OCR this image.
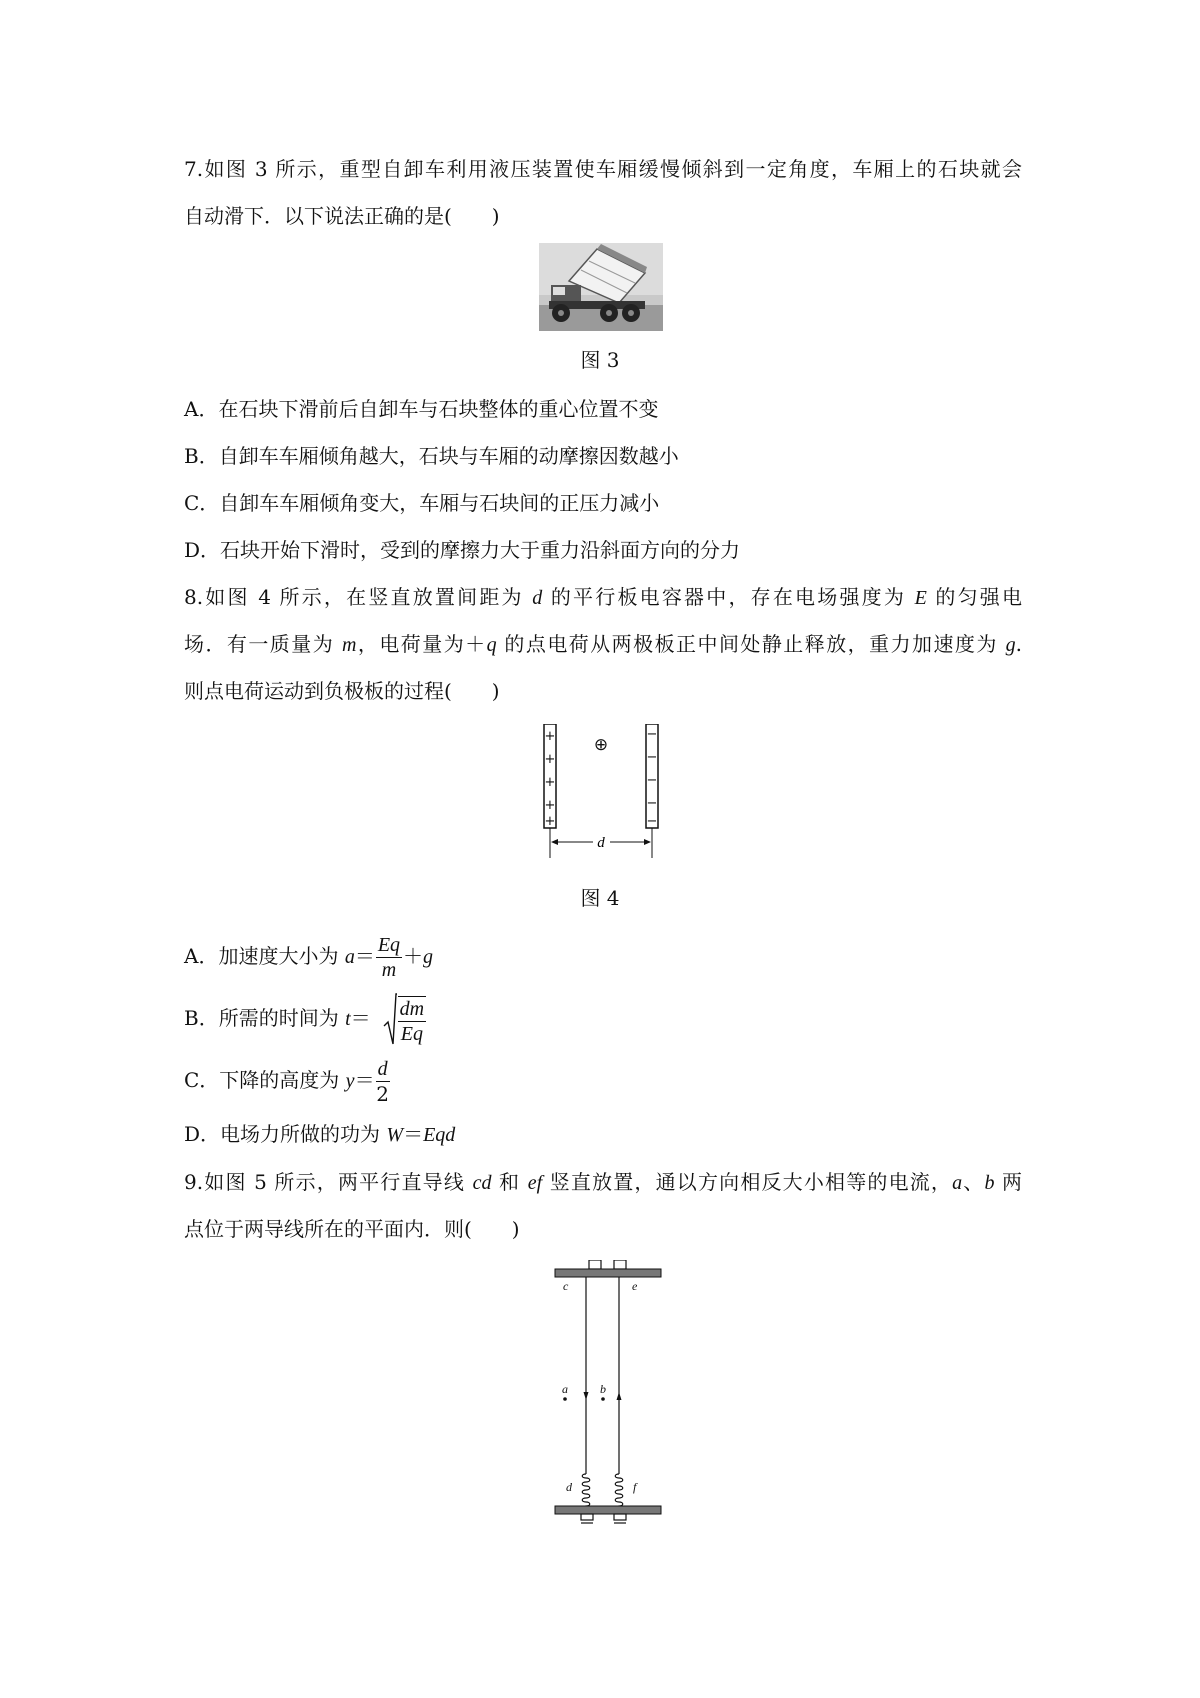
7.如图 3 所示，重型自卸车利用液压装置使车厢缓慢倾斜到一定角度，车厢上的石块就会
自动滑下．以下说法正确的是(　　)
图 3
A．在石块下滑前后自卸车与石块整体的重心位置不变
B．自卸车车厢倾角越大，石块与车厢的动摩擦因数越小
C．自卸车车厢倾角变大，车厢与石块间的正压力减小
D．石块开始下滑时，受到的摩擦力大于重力沿斜面方向的分力
8.如图 4 所示，在竖直放置间距为 d 的平行板电容器中，存在电场强度为 E 的匀强电
场．有一质量为 m，电荷量为＋q 的点电荷从两极板正中间处静止释放，重力加速度为 g.
则点电荷运动到负极板的过程(　　)
+
+
+
+
+
−
−
−
−
−
⊕
d
图 4
A．加速度大小为 $a= \frac{Eq}{m} +g$
B．所需的时间为 $t= \frac{dm}{Eq}$
C．下降的高度为 $y= \frac{d}{2}$
D．电场力所做的功为 W＝Eqd
9.如图 5 所示，两平行直导线 cd 和 ef 竖直放置，通以方向相反大小相等的电流，a、b 两
点位于两导线所在的平面内．则(　　)
c	e
a	b
d	f
